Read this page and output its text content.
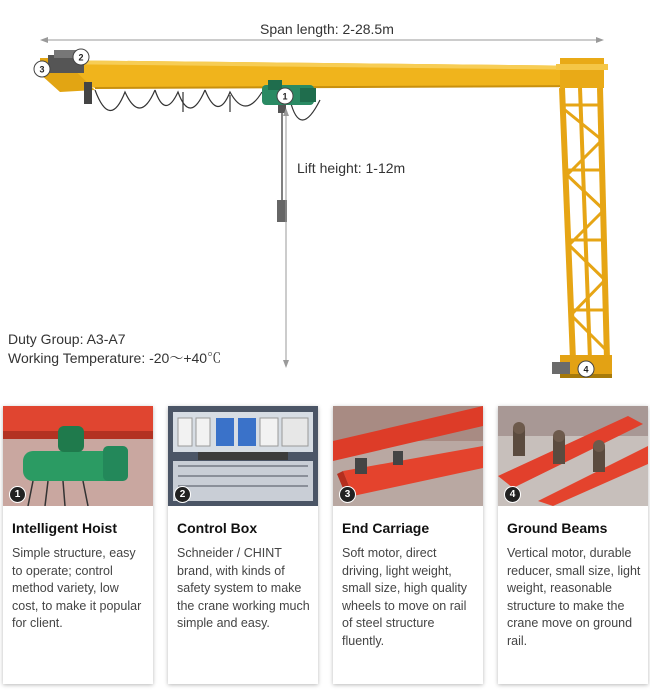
1
2
3
4
Span length: 2-28.5m
Lift height: 1-12m
Duty Group: A3-A7
Working Temperature: -20～+40℃
1
Intelligent Hoist
Simple structure, easy to operate; control method variety, low cost, to make it popular for client.
2
Control Box
Schneider / CHINT brand, with kinds of safety system to make the crane working much simple and easy.
3
End Carriage
Soft motor, direct driving, light weight, small size, high quality wheels to move on rail of steel structure fluently.
4
Ground Beams
Vertical motor, durable reducer, small size, light weight, reasonable structure to make the crane move on ground rail.
